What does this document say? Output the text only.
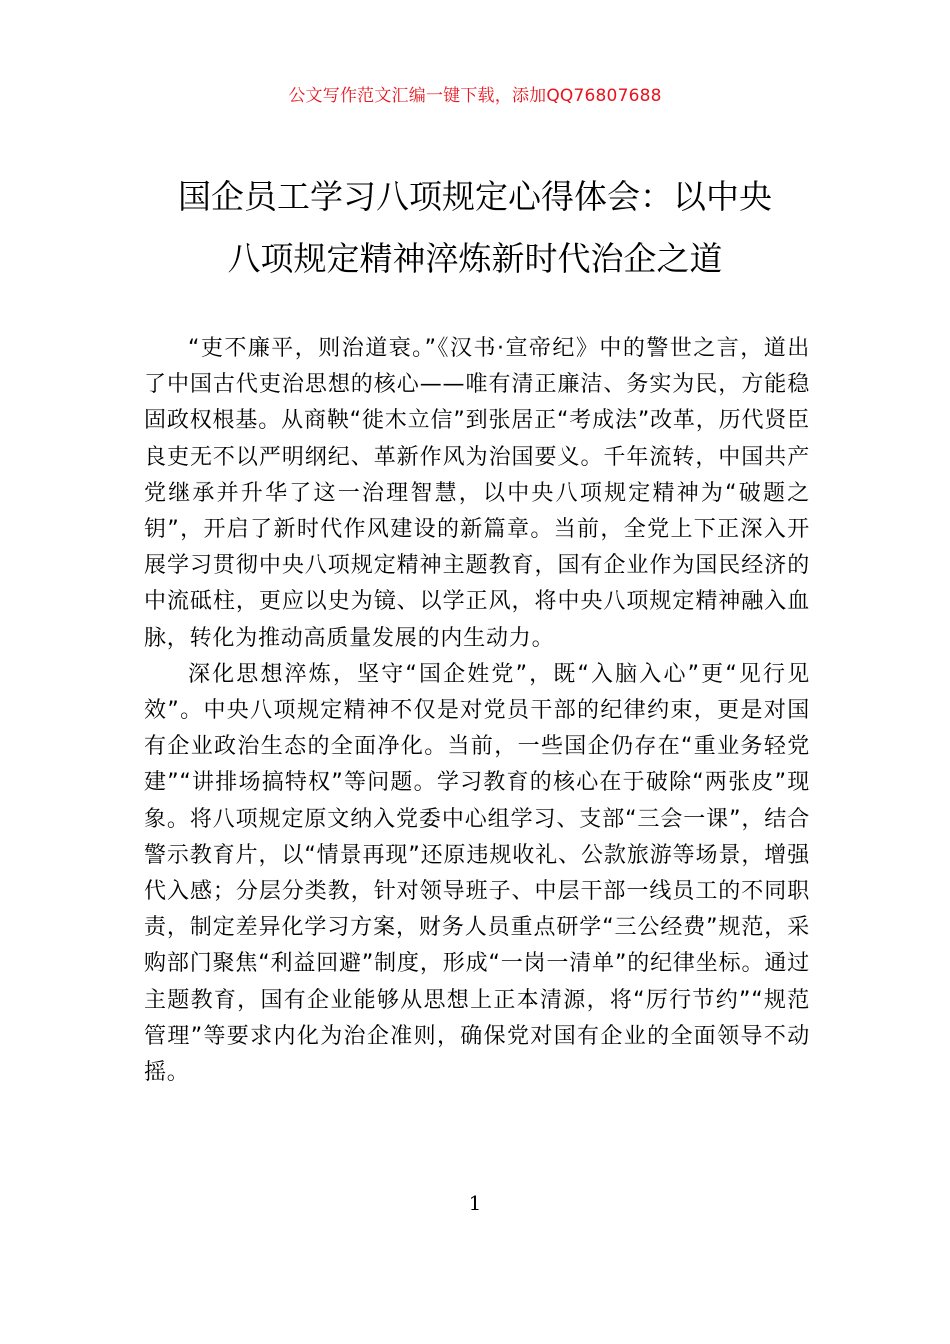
公文写作范文汇编一键下载，添加QQ76807688
国企员工学习八项规定心得体会：以中央
八项规定精神淬炼新时代治企之道

“吏不廉平，则治道衰。”《汉书·宣帝纪》中的警世之言，道出了中国古代吏治思想的核心——唯有清正廉洁、务实为民，方能稳固政权根基。从商鞅“徙木立信”到张居正“考成法”改革，历代贤臣良吏无不以严明纲纪、革新作风为治国要义。千年流转，中国共产党继承并升华了这一治理智慧，以中央八项规定精神为“破题之钥”，开启了新时代作风建设的新篇章。当前，全党上下正深入开展学习贯彻中央八项规定精神主题教育，国有企业作为国民经济的中流砥柱，更应以史为镜、以学正风，将中央八项规定精神融入血脉，转化为推动高质量发展的内生动力。

深化思想淬炼，坚守“国企姓党”，既“入脑入心”更“见行见效”。中央八项规定精神不仅是对党员干部的纪律约束，更是对国有企业政治生态的全面净化。当前，一些国企仍存在“重业务轻党建”“讲排场搞特权”等问题。学习教育的核心在于破除“两张皮”现象。将八项规定原文纳入党委中心组学习、支部“三会一课”，结合警示教育片，以“情景再现”还原违规收礼、公款旅游等场景，增强代入感；分层分类教，针对领导班子、中层干部一线员工的不同职责，制定差异化学习方案，财务人员重点研学“三公经费”规范，采购部门聚焦“利益回避”制度，形成“一岗一清单”的纪律坐标。通过主题教育，国有企业能够从思想上正本清源，将“厉行节约”“规范管理”等要求内化为治企准则，确保党对国有企业的全面领导不动摇。

1
